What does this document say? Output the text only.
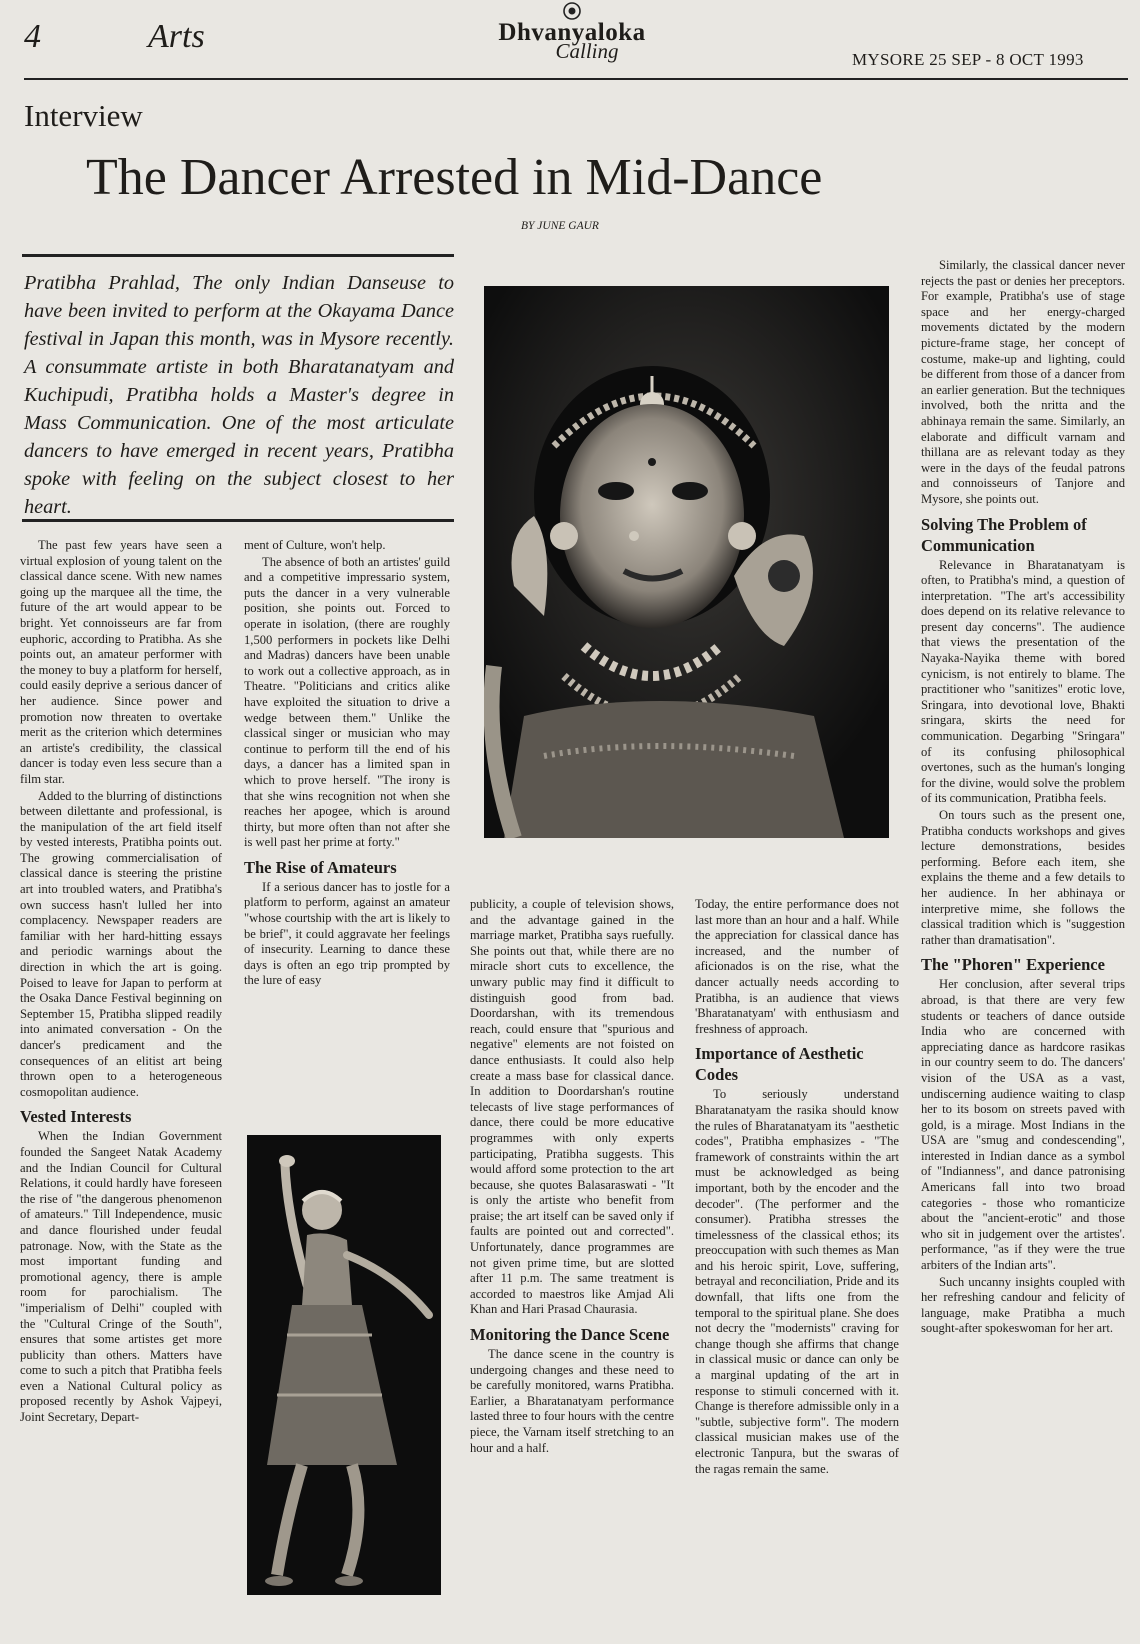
4	Arts	Dhvanyaloka
Calling	MYSORE 25 SEP - 8 OCT 1993
Interview
The Dancer Arrested in Mid-Dance
BY JUNE GAUR
Pratibha Prahlad, The only Indian Danseuse to have been invited to perform at the Okayama Dance festival in Japan this month, was in Mysore recently. A consummate artiste in both Bharatanatyam and Kuchipudi, Pratibha holds a Master's degree in Mass Communication. One of the most articulate dancers to have emerged in recent years, Pratibha spoke with feeling on the subject closest to her heart.

The past few years have seen a virtual explosion of young talent on the classical dance scene. With new names going up the marquee all the time, the future of the art would appear to be bright. Yet connoisseurs are far from euphoric, according to Pratibha. As she points out, an amateur performer with the money to buy a platform for herself, could easily deprive a serious dancer of her audience. Since power and promotion now threaten to overtake merit as the criterion which determines an artiste's credibility, the classical dancer is today even less secure than a film star.

Added to the blurring of distinctions between dilettante and professional, is the manipulation of the art field itself by vested interests, Pratibha points out. The growing commercialisation of classical dance is steering the pristine art into troubled waters, and Pratibha's own success hasn't lulled her into complacency. Newspaper readers are familiar with her hard-hitting essays and periodic warnings about the direction in which the art is going. Poised to leave for Japan to perform at the Osaka Dance Festival beginning on September 15, Pratibha slipped readily into animated conversation - On the dancer's predicament and the consequences of an elitist art being thrown open to a heterogeneous cosmopolitan audience.

Vested Interests

When the Indian Government founded the Sangeet Natak Academy and the Indian Council for Cultural Relations, it could hardly have foreseen the rise of "the dangerous phenomenon of amateurs." Till Independence, music and dance flourished under feudal patronage. Now, with the State as the most important funding and promotional agency, there is ample room for parochialism. The "imperialism of Delhi" coupled with the "Cultural Cringe of the South", ensures that some artistes get more publicity than others. Matters have come to such a pitch that Pratibha feels even a National Cultural policy as proposed recently by Ashok Vajpeyi, Joint Secretary, Depart-

ment of Culture, won't help.

The absence of both an artistes' guild and a competitive impressario system, puts the dancer in a very vulnerable position, she points out. Forced to operate in isolation, (there are roughly 1,500 performers in pockets like Delhi and Madras) dancers have been unable to work out a collective approach, as in Theatre. "Politicians and critics alike have exploited the situation to drive a wedge between them." Unlike the classical singer or musician who may continue to perform till the end of his days, a dancer has a limited span in which to prove herself. "The irony is that she wins recognition not when she reaches her apogee, which is around thirty, but more often than not after she is well past her prime at forty."

The Rise of Amateurs

If a serious dancer has to jostle for a platform to perform, against an amateur "whose courtship with the art is likely to be brief", it could aggravate her feelings of insecurity. Learning to dance these days is often an ego trip prompted by the lure of easy

publicity, a couple of television shows, and the advantage gained in the marriage market, Pratibha says ruefully. She points out that, while there are no miracle short cuts to excellence, the unwary public may find it difficult to distinguish good from bad. Doordarshan, with its tremendous reach, could ensure that "spurious and negative" elements are not foisted on dance enthusiasts. It could also help create a mass base for classical dance. In addition to Doordarshan's routine telecasts of live stage performances of dance, there could be more educative programmes with only experts participating, Pratibha suggests. This would afford some protection to the art because, she quotes Balasaraswati - "It is only the artiste who benefit from praise; the art itself can be saved only if faults are pointed out and corrected". Unfortunately, dance programmes are not given prime time, but are slotted after 11 p.m. The same treatment is accorded to maestros like Amjad Ali Khan and Hari Prasad Chaurasia.

Monitoring the Dance Scene

The dance scene in the country is undergoing changes and these need to be carefully monitored, warns Pratibha. Earlier, a Bharatanatyam performance lasted three to four hours with the centre piece, the Varnam itself stretching to an hour and a half.

Today, the entire performance does not last more than an hour and a half. While the appreciation for classical dance has increased, and the number of aficionados is on the rise, what the dancer actually needs according to Pratibha, is an audience that views 'Bharatanatyam' with enthusiasm and freshness of approach.

Importance of Aesthetic Codes

To seriously understand Bharatanatyam the rasika should know the rules of Bharatanatyam its "aesthetic codes", Pratibha emphasizes - "The framework of constraints within the art must be acknowledged as being important, both by the encoder and the decoder". (The performer and the consumer). Pratibha stresses the timelessness of the classical ethos; its preoccupation with such themes as Man and his heroic spirit, Love, suffering, betrayal and reconciliation, Pride and its downfall, that lifts one from the temporal to the spiritual plane. She does not decry the "modernists" craving for change though she affirms that change in classical music or dance can only be a marginal updating of the art in response to stimuli concerned with it. Change is therefore admissible only in a "subtle, subjective form". The modern classical musician makes use of the electronic Tanpura, but the swaras of the ragas remain the same.

Similarly, the classical dancer never rejects the past or denies her preceptors. For example, Pratibha's use of stage space and her energy-charged movements dictated by the modern picture-frame stage, her concept of costume, make-up and lighting, could be different from those of a dancer from an earlier generation. But the techniques involved, both the nritta and the abhinaya remain the same. Similarly, an elaborate and difficult varnam and thillana are as relevant today as they were in the days of the feudal patrons and connoisseurs of Tanjore and Mysore, she points out.

Solving The Problem of Communication

Relevance in Bharatanatyam is often, to Pratibha's mind, a question of interpretation. "The art's accessibility does depend on its relative relevance to present day concerns". The audience that views the presentation of the Nayaka-Nayika theme with bored cynicism, is not entirely to blame. The practitioner who "sanitizes" erotic love, Sringara, into devotional love, Bhakti sringara, skirts the need for communication. Degarbing "Sringara" of its confusing philosophical overtones, such as the human's longing for the divine, would solve the problem of its communication, Pratibha feels.

On tours such as the present one, Pratibha conducts workshops and gives lecture demonstrations, besides performing. Before each item, she explains the theme and a few details to her audience. In her abhinaya or interpretive mime, she follows the classical tradition which is "suggestion rather than dramatisation".

The "Phoren" Experience

Her conclusion, after several trips abroad, is that there are very few students or teachers of dance outside India who are concerned with appreciating dance as hardcore rasikas in our country seem to do. The dancers' vision of the USA as a vast, undiscerning audience waiting to clasp her to its bosom on streets paved with gold, is a mirage. Most Indians in the USA are "smug and condescending", interested in Indian dance as a symbol of "Indianness", and dance patronising Americans fall into two broad categories - those who romanticize about the "ancient-erotic" and those who sit in judgement over the artistes'. performance, "as if they were the true arbiters of the Indian arts".

Such uncanny insights coupled with her refreshing candour and felicity of language, make Pratibha a much sought-after spokeswoman for her art.
